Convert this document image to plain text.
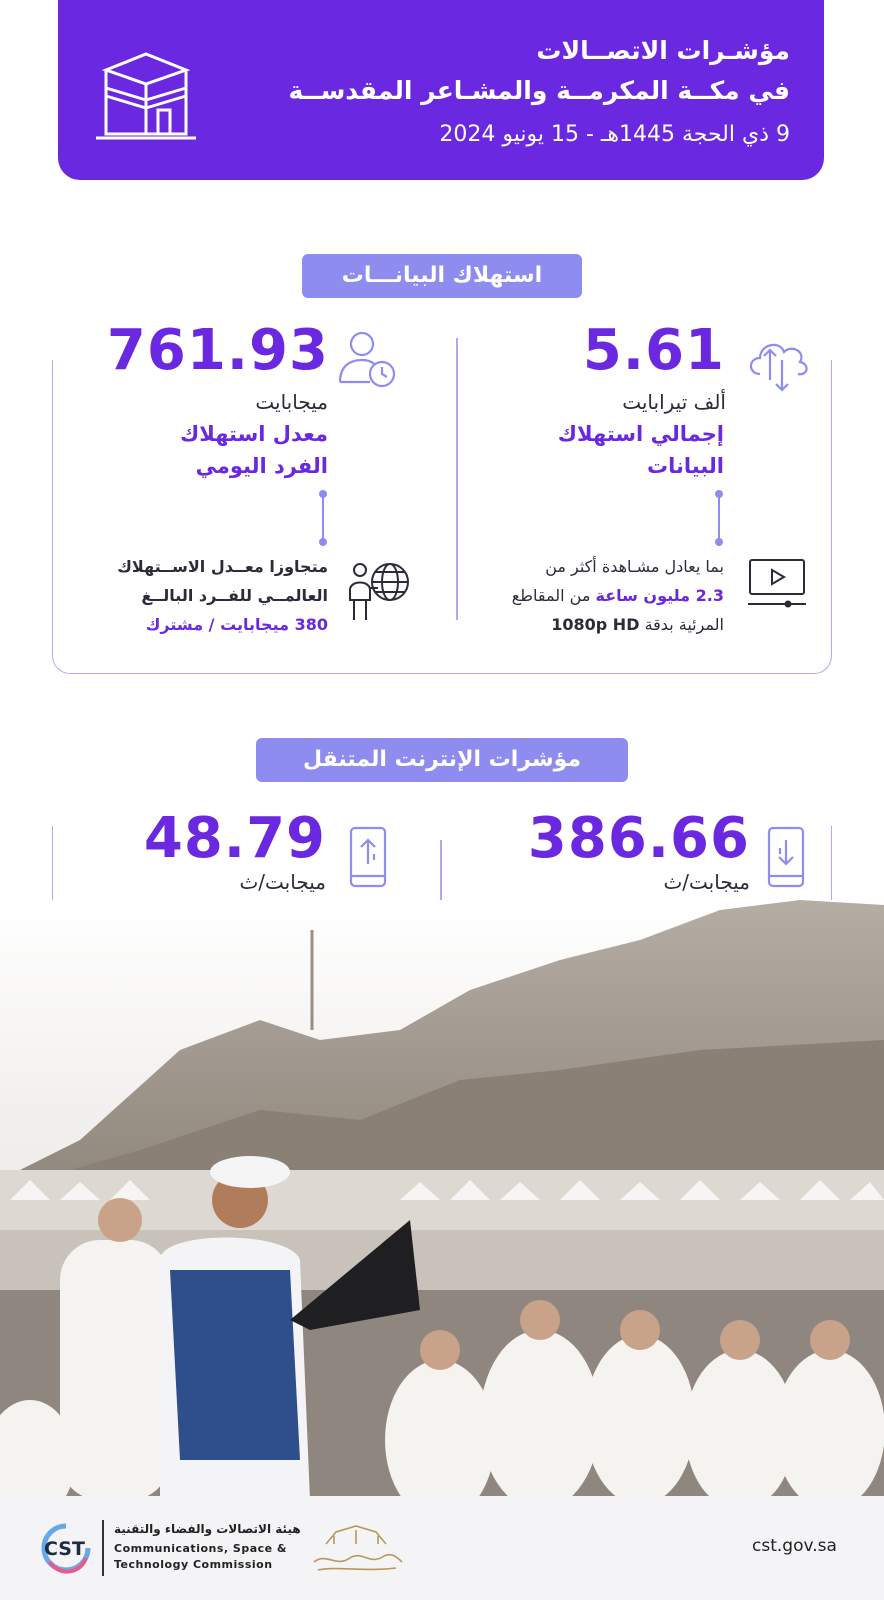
مؤشـرات الاتصــالات
في مكــة المكرمــة والمشـاعر المقدســة
9 ذي الحجة 1445هـ - 15 يونيو 2024
استهلاك البيانـــات
5.61
ألف تيرابايت
إجمالي استهلاك
البيانات
بما يعادل مشـاهدة أكثر من
2.3 مليون ساعة من المقاطع
المرئية بدقة 1080p HD
761.93
ميجابايت
معدل استهلاك
الفرد اليومي
متجاوزا معــدل الاســتهلاك
العالمــي للفــرد البالــغ
380 ميجابايت / مشترك
مؤشرات الإنترنت المتنقل
386.66
ميجابت/ث
48.79
ميجابت/ث
cst.gov.sa
هيئة الاتصالات والفضاء والتقنية
Communications, Space &
Technology Commission
CST
